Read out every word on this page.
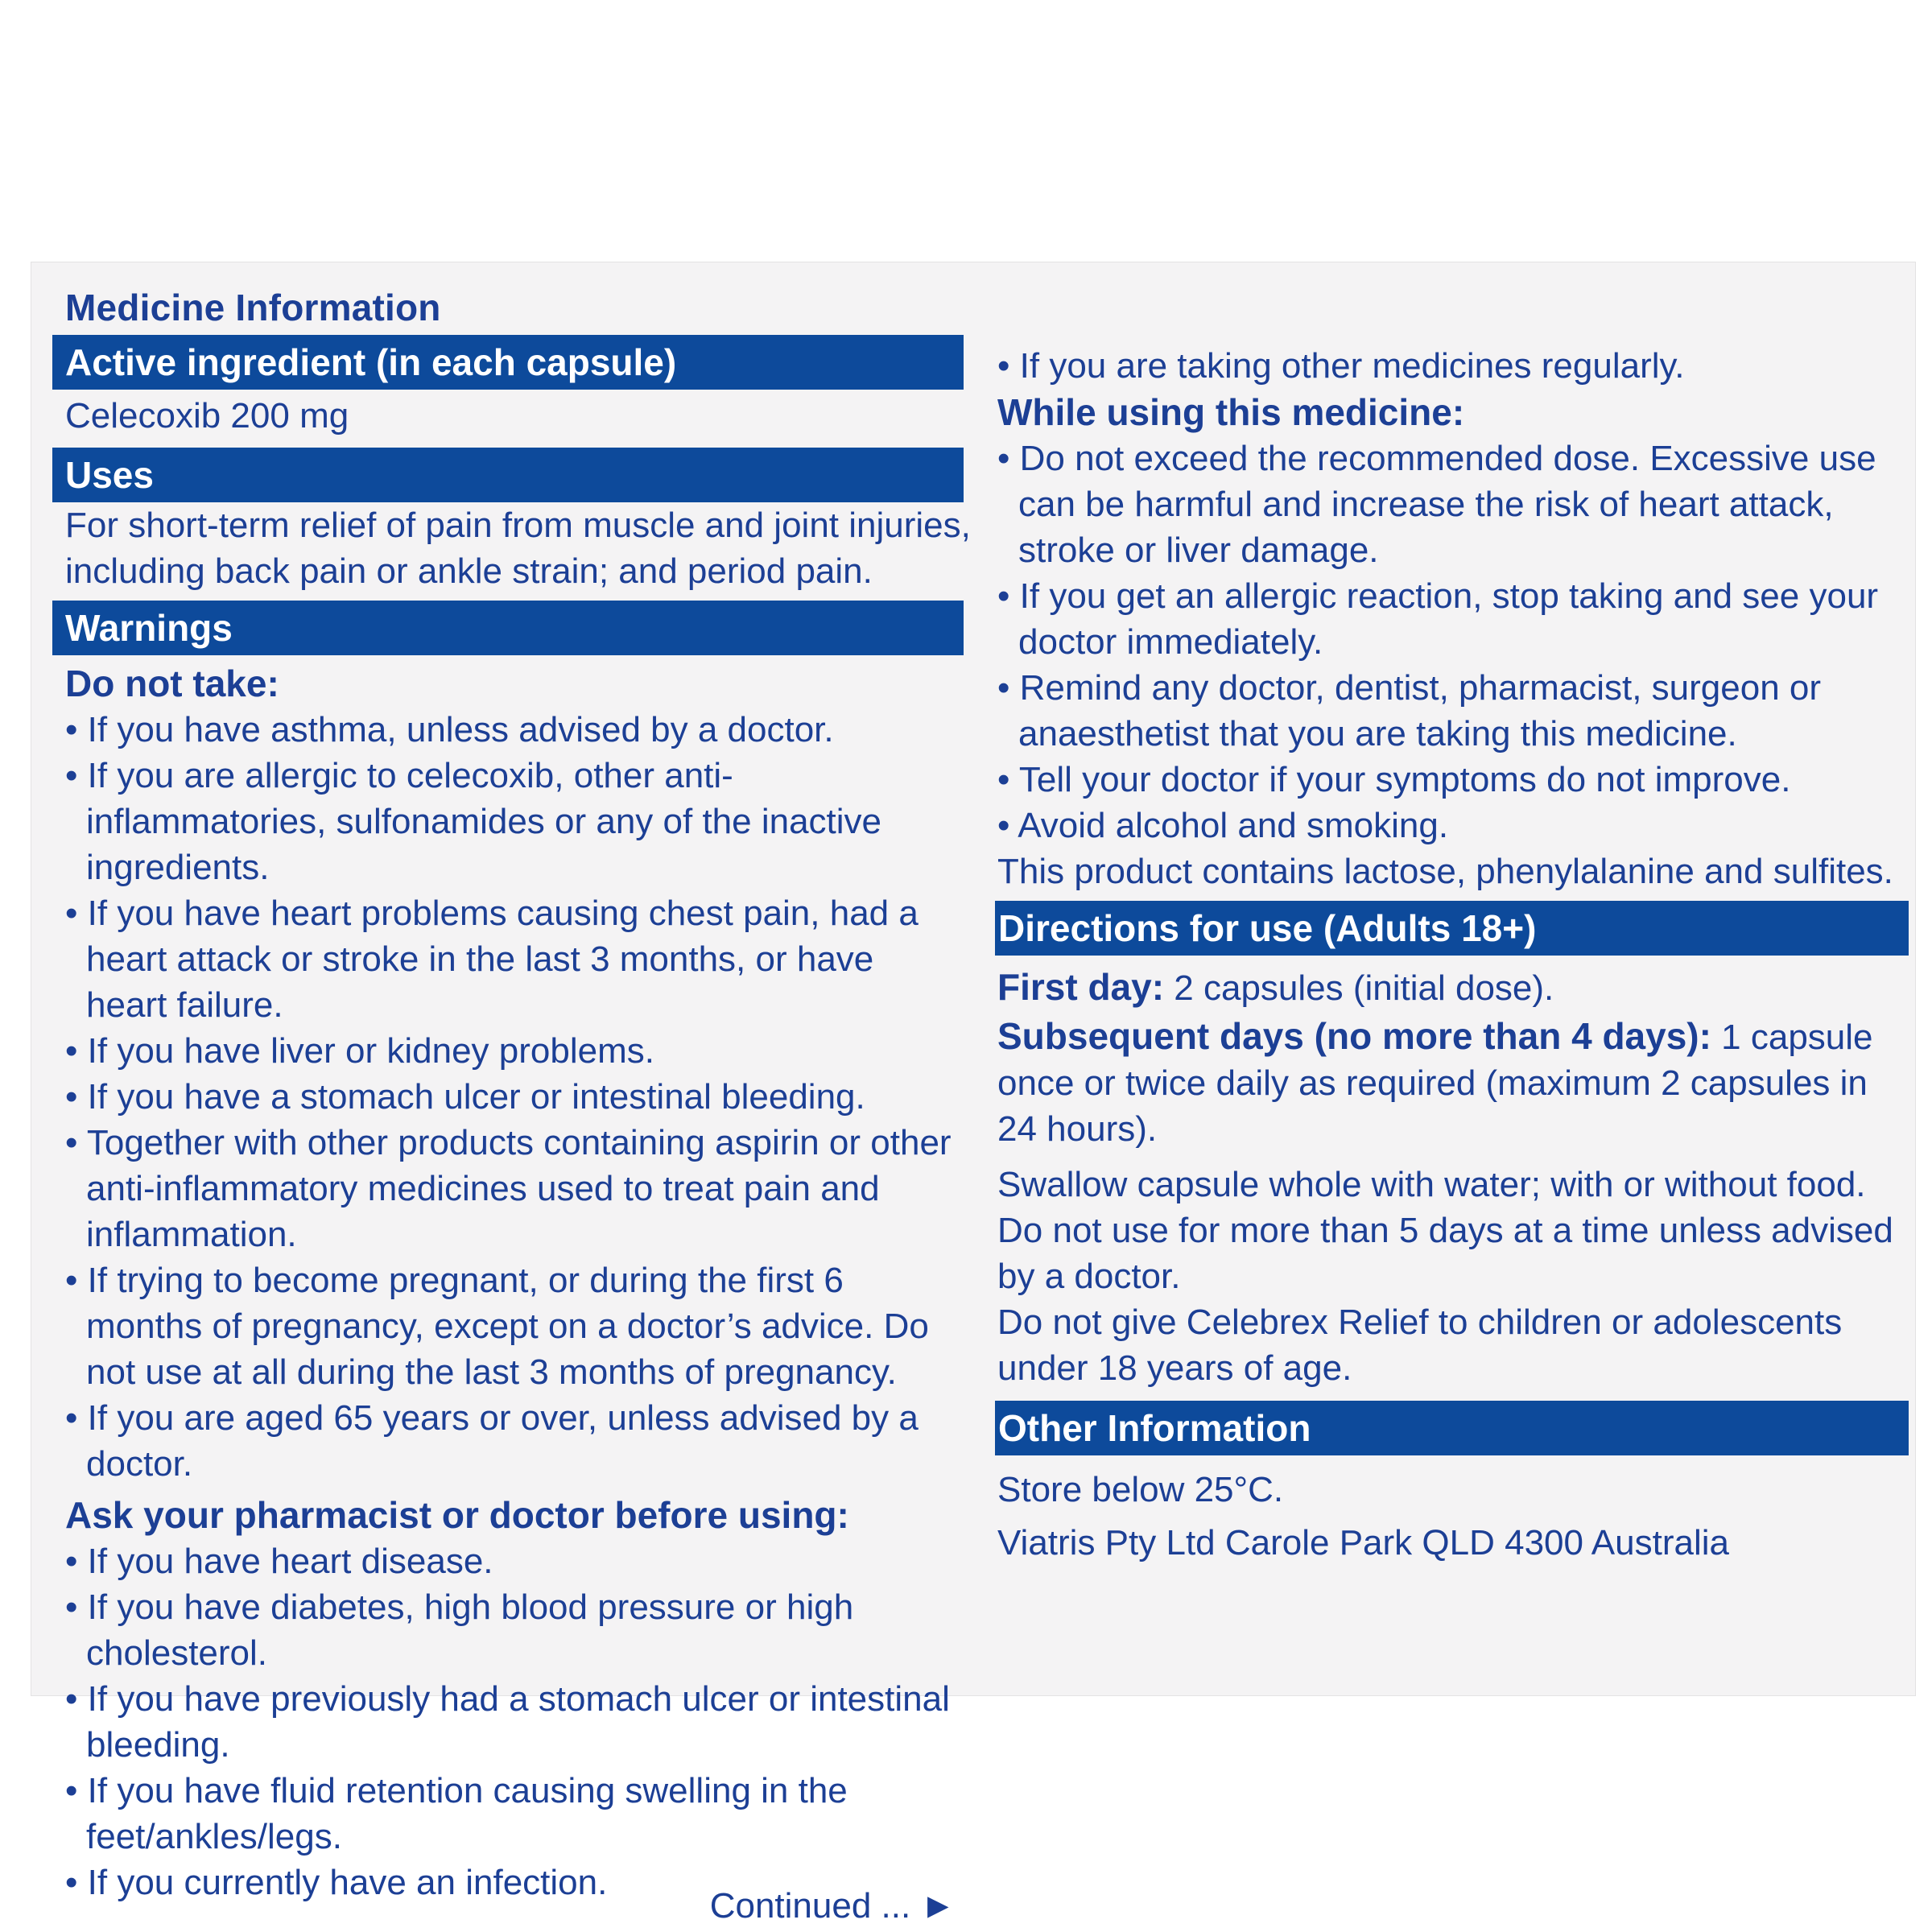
Medicine Information

Active ingredient (in each capsule)

Celecoxib 200 mg

Uses

For short-term relief of pain from muscle and joint injuries,

including back pain or ankle strain; and period pain.

Warnings

Do not take:

• If you have asthma, unless advised by a doctor.
• If you are allergic to celecoxib, other anti-inflammatories, sulfonamides or any of the inactive ingredients.
• If you have heart problems causing chest pain, had a heart attack or stroke in the last 3 months, or have heart failure.
• If you have liver or kidney problems.
• If you have a stomach ulcer or intestinal bleeding.
• Together with other products containing aspirin or other anti-inflammatory medicines used to treat pain and inflammation.
• If trying to become pregnant, or during the first 6 months of pregnancy, except on a doctor’s advice. Do not use at all during the last 3 months of pregnancy.
• If you are aged 65 years or over, unless advised by a doctor.

Ask your pharmacist or doctor before using:

• If you have heart disease.
• If you have diabetes, high blood pressure or high cholesterol.
• If you have previously had a stomach ulcer or intestinal bleeding.
• If you have fluid retention causing swelling in the feet/ankles/legs.
• If you currently have an infection.
Continued ... ►
• If you are taking other medicines regularly.

While using this medicine:

• Do not exceed the recommended dose. Excessive use can be harmful and increase the risk of heart attack, stroke or liver damage.
• If you get an allergic reaction, stop taking and see your doctor immediately.
• Remind any doctor, dentist, pharmacist, surgeon or anaesthetist that you are taking this medicine.
• Tell your doctor if your symptoms do not improve.
• Avoid alcohol and smoking.

This product contains lactose, phenylalanine and sulfites.

Directions for use (Adults 18+)

First day: 2 capsules (initial dose).

Subsequent days (no more than 4 days): 1 capsule once or twice daily as required (maximum 2 capsules in 24 hours).

Swallow capsule whole with water; with or without food.

Do not use for more than 5 days at a time unless advised by a doctor.

Do not give Celebrex Relief to children or adolescents under 18 years of age.

Other Information

Store below 25°C.

Viatris Pty Ltd Carole Park QLD 4300 Australia
